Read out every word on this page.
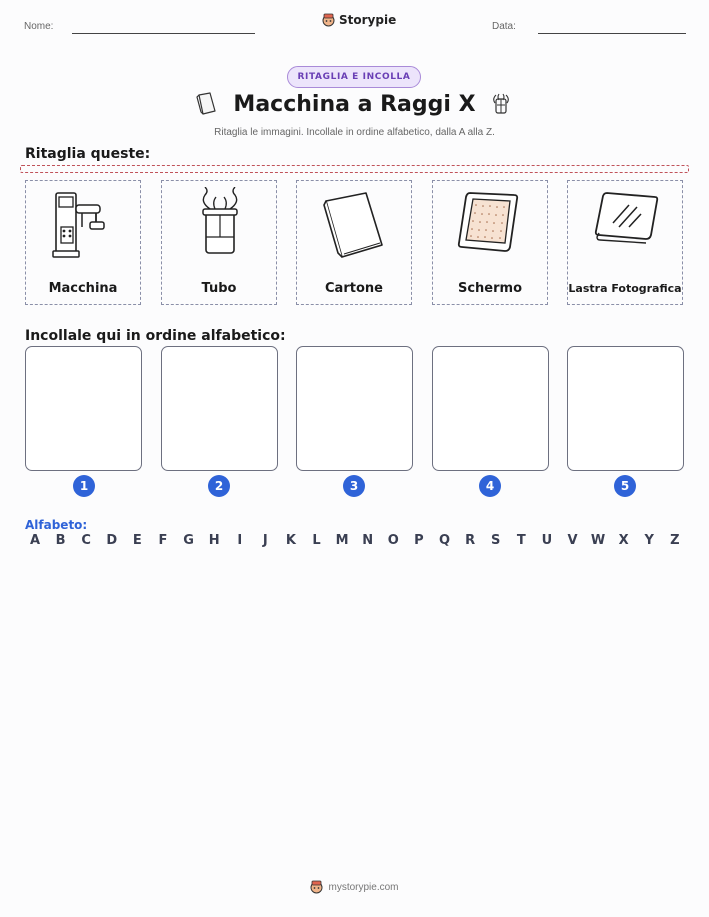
Nome:	Storypie	Data:
RITAGLIA E INCOLLA
Macchina a Raggi X
Ritaglia le immagini. Incollale in ordine alfabetico, dalla A alla Z.
Ritaglia queste:
Macchina	Tubo	Cartone	Schermo	Lastra Fotografica
Incollale qui in ordine alfabetico:
1	2	3	4	5
Alfabeto:
A	B	C	D	E	F	G	H	I	J	K	L	M	N	O	P	Q	R	S	T	U	V	W	X	Y	Z
mystorypie.com
